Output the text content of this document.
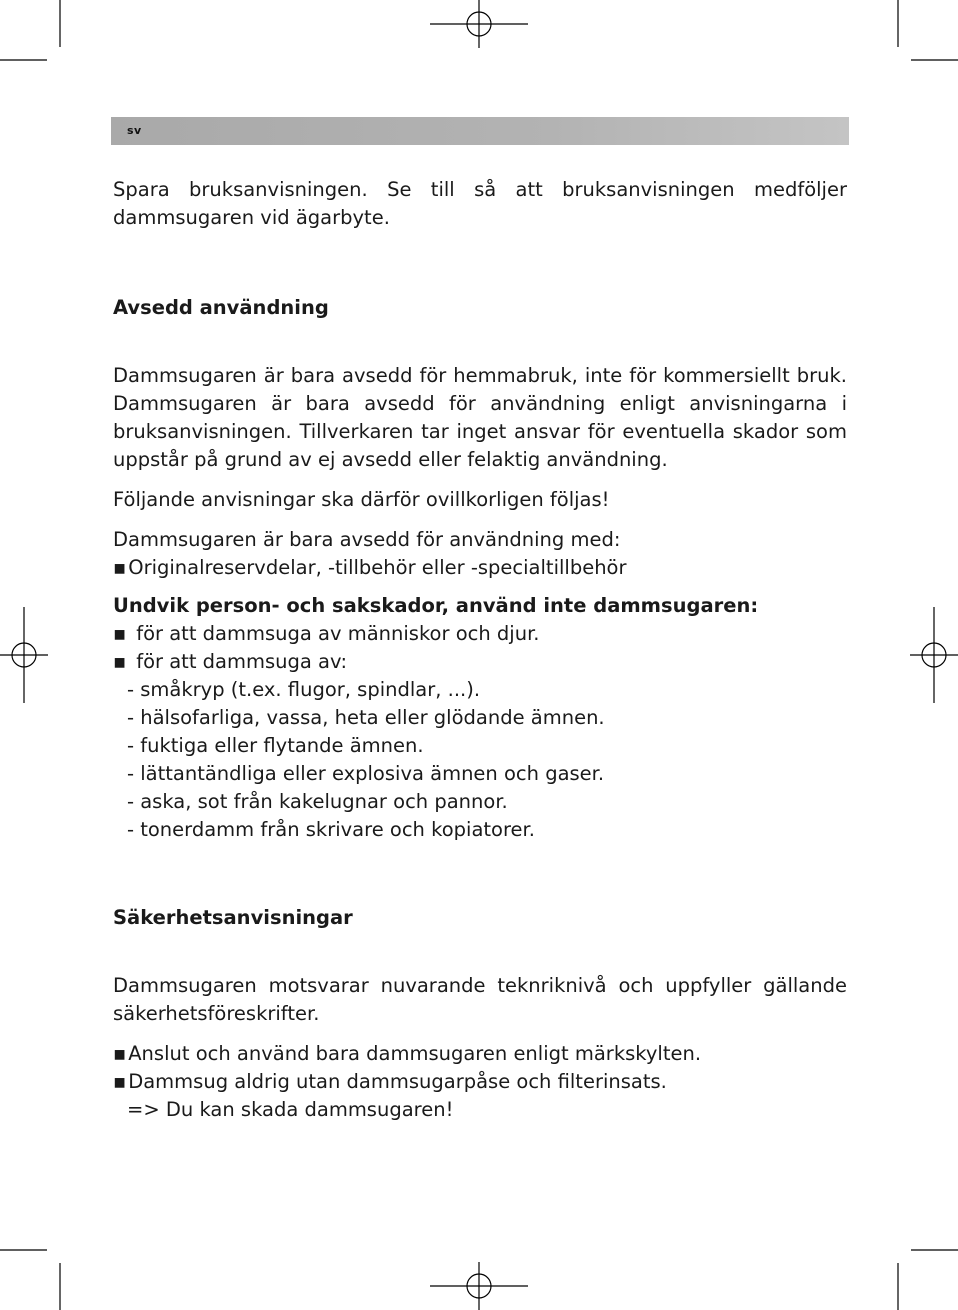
sv

Spara bruksanvisningen. Se till så att bruksanvisningen medföljer dammsugaren vid ägarbyte.

Avsedd användning

Dammsugaren är bara avsedd för hemmabruk, inte för kommersiellt bruk. Dammsugaren är bara avsedd för användning enligt anvisningarna i bruksanvisningen. Tillverkaren tar inget ansvar för eventuella skador som uppstår på grund av ej avsedd eller felaktig användning.

Följande anvisningar ska därför ovillkorligen följas!

Dammsugaren är bara avsedd för användning med:

▪ Originalreservdelar, -tillbehör eller -specialtillbehör

Undvik person- och sakskador, använd inte dammsugaren:

▪ för att dammsuga av människor och djur.
▪ för att dammsuga av:
- småkryp (t.ex. flugor, spindlar, ...).
- hälsofarliga, vassa, heta eller glödande ämnen.
- fuktiga eller flytande ämnen.
- lättantändliga eller explosiva ämnen och gaser.
- aska, sot från kakelugnar och pannor.
- tonerdamm från skrivare och kopiatorer.

Säkerhetsanvisningar

Dammsugaren motsvarar nuvarande teknriknivå och uppfyller gällande säkerhetsföreskrifter.

▪ Anslut och använd bara dammsugaren enligt märkskylten.
▪ Dammsug aldrig utan dammsugarpåse och filterinsats.
=> Du kan skada dammsugaren!
